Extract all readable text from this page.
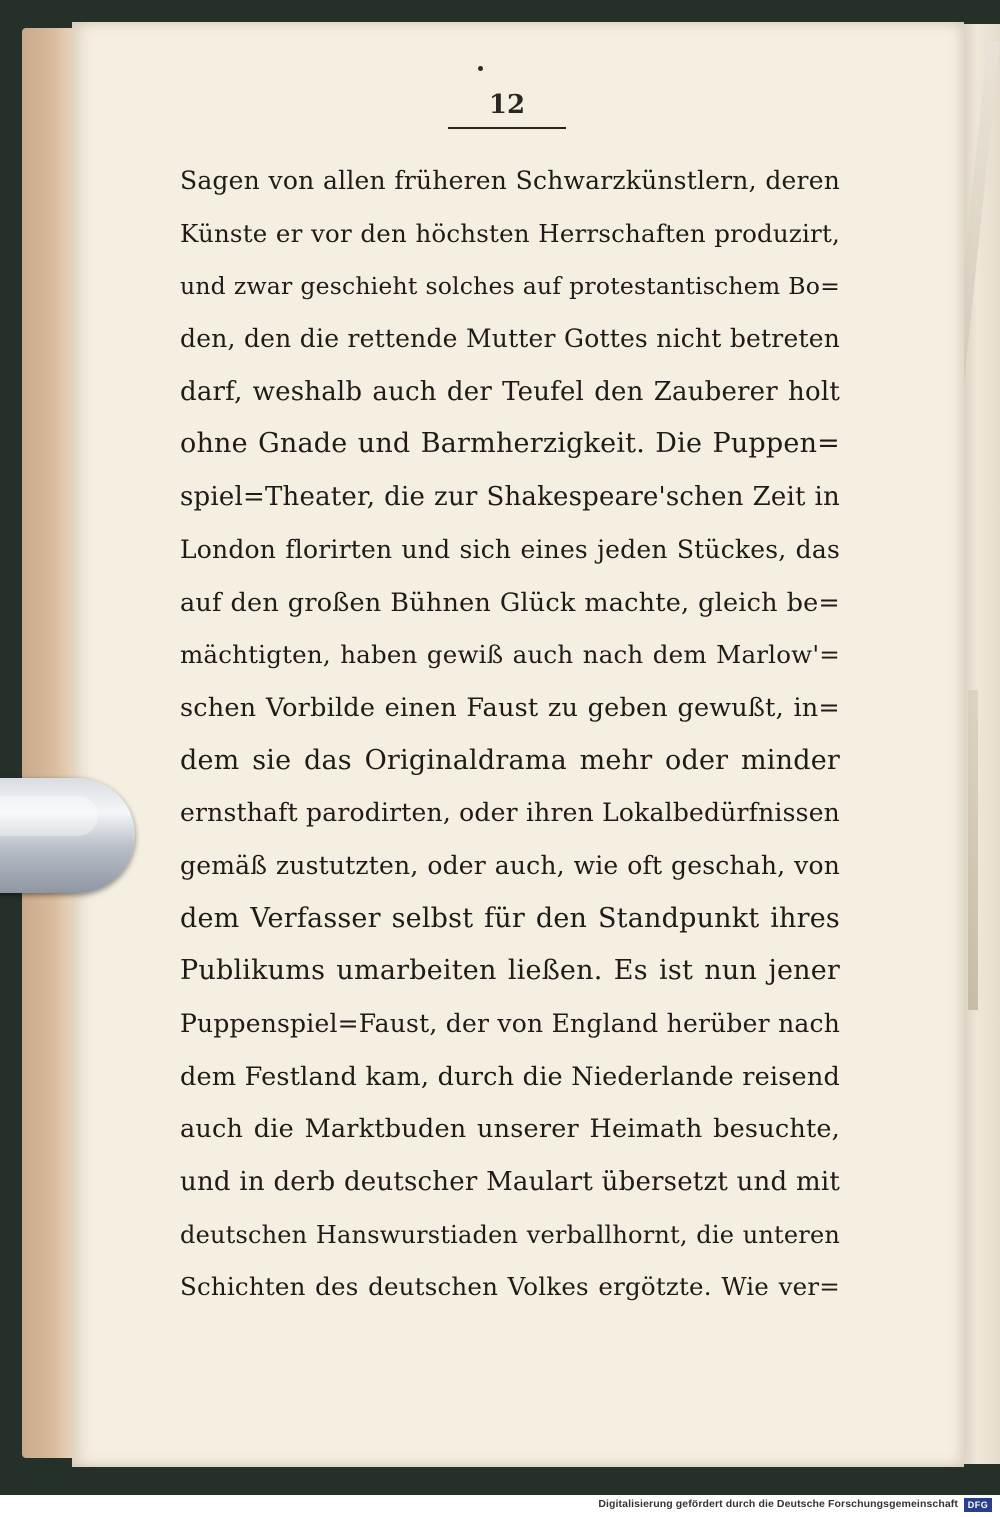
12

Sagen von allen früheren Schwarzkünstlern, deren

Künste er vor den höchsten Herrschaften produzirt,

und zwar geschieht solches auf protestantischem Bo=

den, den die rettende Mutter Gottes nicht betreten

darf, weshalb auch der Teufel den Zauberer holt

ohne Gnade und Barmherzigkeit. Die Puppen=

spiel=Theater, die zur Shakespeare'schen Zeit in

London florirten und sich eines jeden Stückes, das

auf den großen Bühnen Glück machte, gleich be=

mächtigten, haben gewiß auch nach dem Marlow'=

schen Vorbilde einen Faust zu geben gewußt, in=

dem sie das Originaldrama mehr oder minder

ernsthaft parodirten, oder ihren Lokalbedürfnissen

gemäß zustutzten, oder auch, wie oft geschah, von

dem Verfasser selbst für den Standpunkt ihres

Publikums umarbeiten ließen. Es ist nun jener

Puppenspiel=Faust, der von England herüber nach

dem Festland kam, durch die Niederlande reisend

auch die Marktbuden unserer Heimath besuchte,

und in derb deutscher Maulart übersetzt und mit

deutschen Hanswurstiaden verballhornt, die unteren

Schichten des deutschen Volkes ergötzte. Wie ver=

Digitalisierung gefördert durch die Deutsche Forschungsgemeinschaft	DFG
